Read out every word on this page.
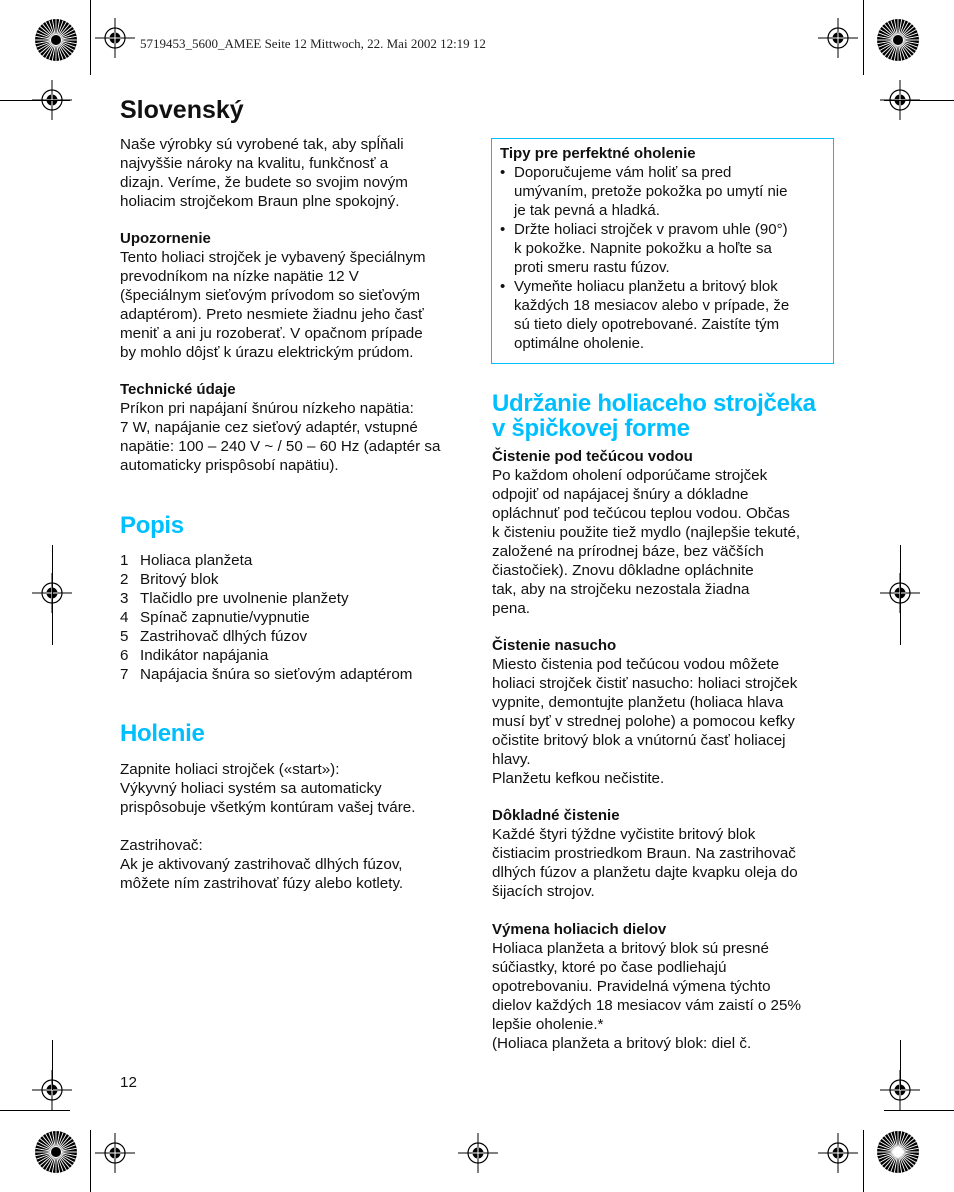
5719453_5600_AMEE Seite 12 Mittwoch, 22. Mai 2002 12:19 12
Slovenský
Naše výrobky sú vyrobené tak, aby spĺňali
najvyššie nároky na kvalitu, funkčnosť a
dizajn. Veríme, že budete so svojim novým
holiacim strojčekom Braun plne spokojný.
Upozornenie
Tento holiaci strojček je vybavený špeciálnym
prevodníkom na nízke napätie 12 V
(špeciálnym sieťovým prívodom so sieťovým
adaptérom). Preto nesmiete žiadnu jeho časť
meniť a ani ju rozoberať. V opačnom prípade
by mohlo dôjsť k úrazu elektrickým prúdom.
Technické údaje
Príkon pri napájaní šnúrou nízkeho napätia:
7 W, napájanie cez sieťový adaptér, vstupné
napätie: 100 – 240 V ~ / 50 – 60 Hz (adaptér sa
automaticky prispôsobí napätiu).
Popis
1 Holiaca planžeta
2 Britový blok
3 Tlačidlo pre uvolnenie planžety
4 Spínač zapnutie/vypnutie
5 Zastrihovač dlhých fúzov
6 Indikátor napájania
7 Napájacia šnúra so sieťovým adaptérom
Holenie
Zapnite holiaci strojček («start»):
Výkyvný holiaci systém sa automaticky
prispôsobuje všetkým kontúram vašej tváre.
Zastrihovač:
Ak je aktivovaný zastrihovač dlhých fúzov,
môžete ním zastrihovať fúzy alebo kotlety.
12
Tipy pre perfektné oholenie
• Doporučujeme vám holiť sa pred
umývaním, pretože pokožka po umytí nie
je tak pevná a hladká.
• Držte holiaci strojček v pravom uhle (90°)
k pokožke. Napnite pokožku a hoľte sa
proti smeru rastu fúzov.
• Vymeňte holiacu planžetu a britový blok
každých 18 mesiacov alebo v prípade, že
sú tieto diely opotrebované. Zaistíte tým
optimálne oholenie.
Udržanie holiaceho strojčeka
v špičkovej forme
Čistenie pod tečúcou vodou
Po každom oholení odporúčame strojček
odpojiť od napájacej šnúry a dókladne
opláchnuť pod tečúcou teplou vodou. Občas
k čisteniu použite tiež mydlo (najlepšie tekuté,
založené na prírodnej báze, bez väčších
čiastočiek). Znovu dôkladne opláchnite
tak, aby na strojčeku nezostala žiadna
pena.
Čistenie nasucho
Miesto čistenia pod tečúcou vodou môžete
holiaci strojček čistiť nasucho: holiaci strojček
vypnite, demontujte planžetu (holiaca hlava
musí byť v strednej polohe) a pomocou kefky
očistite britový blok a vnútornú časť holiacej
hlavy.
Planžetu kefkou nečistite.
Dôkladné čistenie
Každé štyri týždne vyčistite britový blok
čistiacim prostriedkom Braun. Na zastrihovač
dlhých fúzov a planžetu dajte kvapku oleja do
šijacích strojov.
Výmena holiacich dielov
Holiaca planžeta a britový blok sú presné
súčiastky, ktoré po čase podliehajú
opotrebovaniu. Pravidelná výmena týchto
dielov každých 18 mesiacov vám zaistí o 25%
lepšie oholenie.*
(Holiaca planžeta a britový blok: diel č.
